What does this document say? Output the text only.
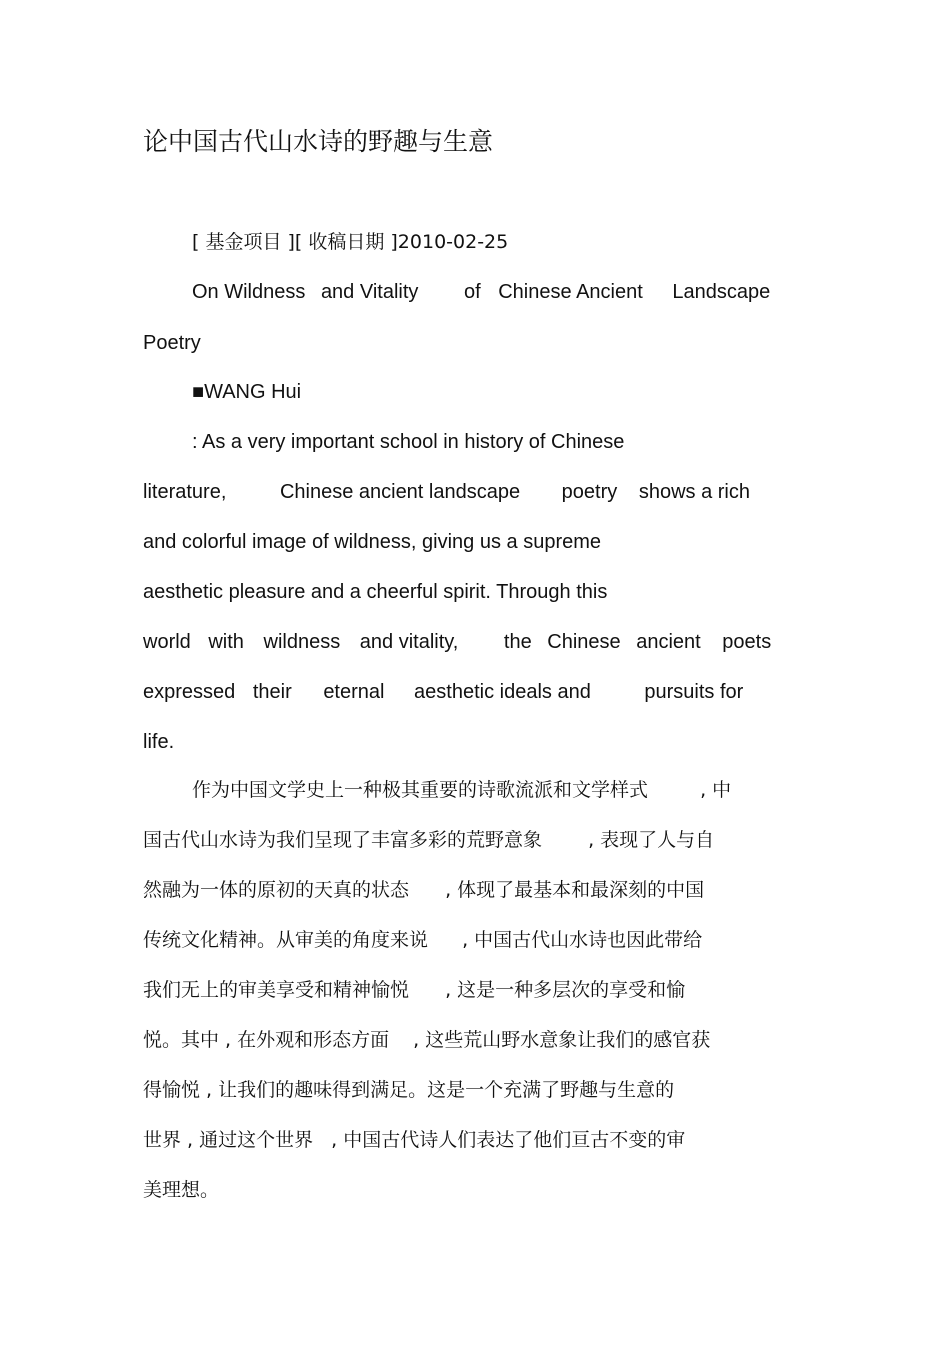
论中国古代山水诗的野趣与生意
[ 基金项目 ][ 收稿日期 ]2010-02-25
On Wildness and Vitality of Chinese Ancient Landscape
Poetry
■WANG Hui
: As a very important school in history of Chinese
literature,	Chinese ancient landscape poetry shows a rich
and colorful image of wildness, giving us a supreme
aesthetic pleasure and a cheerful spirit. Through this
world with wildness and vitality, the Chinese ancient poets
expressed their eternal aesthetic ideals and	pursuits for
life.
作为中国文学史上一种极其重要的诗歌流派和文学样式	, 中
国古代山水诗为我们呈现了丰富多彩的荒野意象 , 表现了人与自
然融为一体的原初的天真的状态 , 体现了最基本和最深刻的中国
传统文化精神。从审美的角度来说 , 中国古代山水诗也因此带给
我们无上的审美享受和精神愉悦 , 这是一种多层次的享受和愉
悦。其中 , 在外观和形态方面 , 这些荒山野水意象让我们的感官获
得愉悦 , 让我们的趣味得到满足。这是一个充满了野趣与生意的
世界 , 通过这个世界 , 中国古代诗人们表达了他们亘古不变的审
美理想。
